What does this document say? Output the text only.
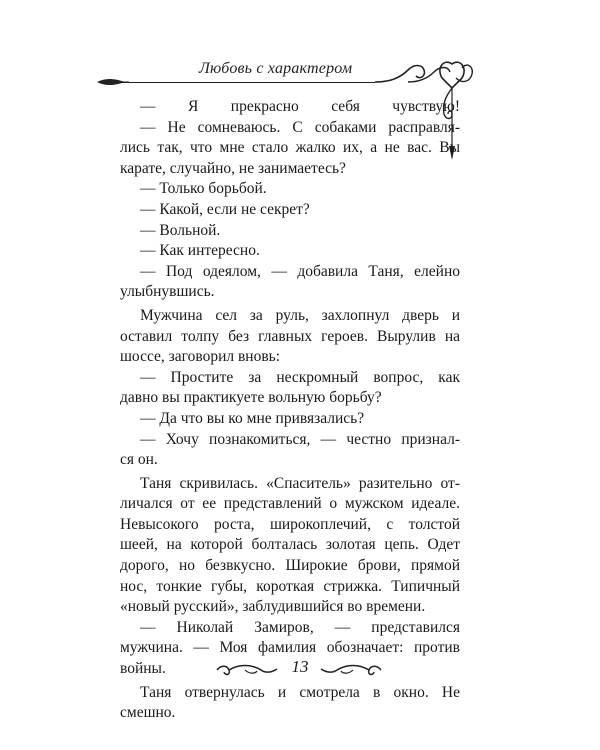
Любовь с характером
— Я прекрасно себя чувствую!
— Не сомневаюсь. С собаками расправля-
лись так, что мне стало жалко их, а не вас. Вы
карате, случайно, не занимаетесь?
— Только борьбой.
— Какой, если не секрет?
— Вольной.
— Как интересно.
— Под одеялом, — добавила Таня, елейно
улыбнувшись.
Мужчина сел за руль, захлопнул дверь и
оставил толпу без главных героев. Вырулив на
шоссе, заговорил вновь:
— Простите за нескромный вопрос, как
давно вы практикуете вольную борьбу?
— Да что вы ко мне привязались?
— Хочу познакомиться, — честно признал-
ся он.
Таня скривилась. «Спаситель» разительно от-
личался от ее представлений о мужском идеале.
Невысокого роста, широкоплечий, с толстой
шеей, на которой болталась золотая цепь. Одет
дорого, но безвкусно. Широкие брови, прямой
нос, тонкие губы, короткая стрижка. Типичный
«новый русский», заблудившийся во времени.
— Николай Замиров, — представился
мужчина. — Моя фамилия обозначает: против
войны.
Таня отвернулась и смотрела в окно. Не
смешно.
13
